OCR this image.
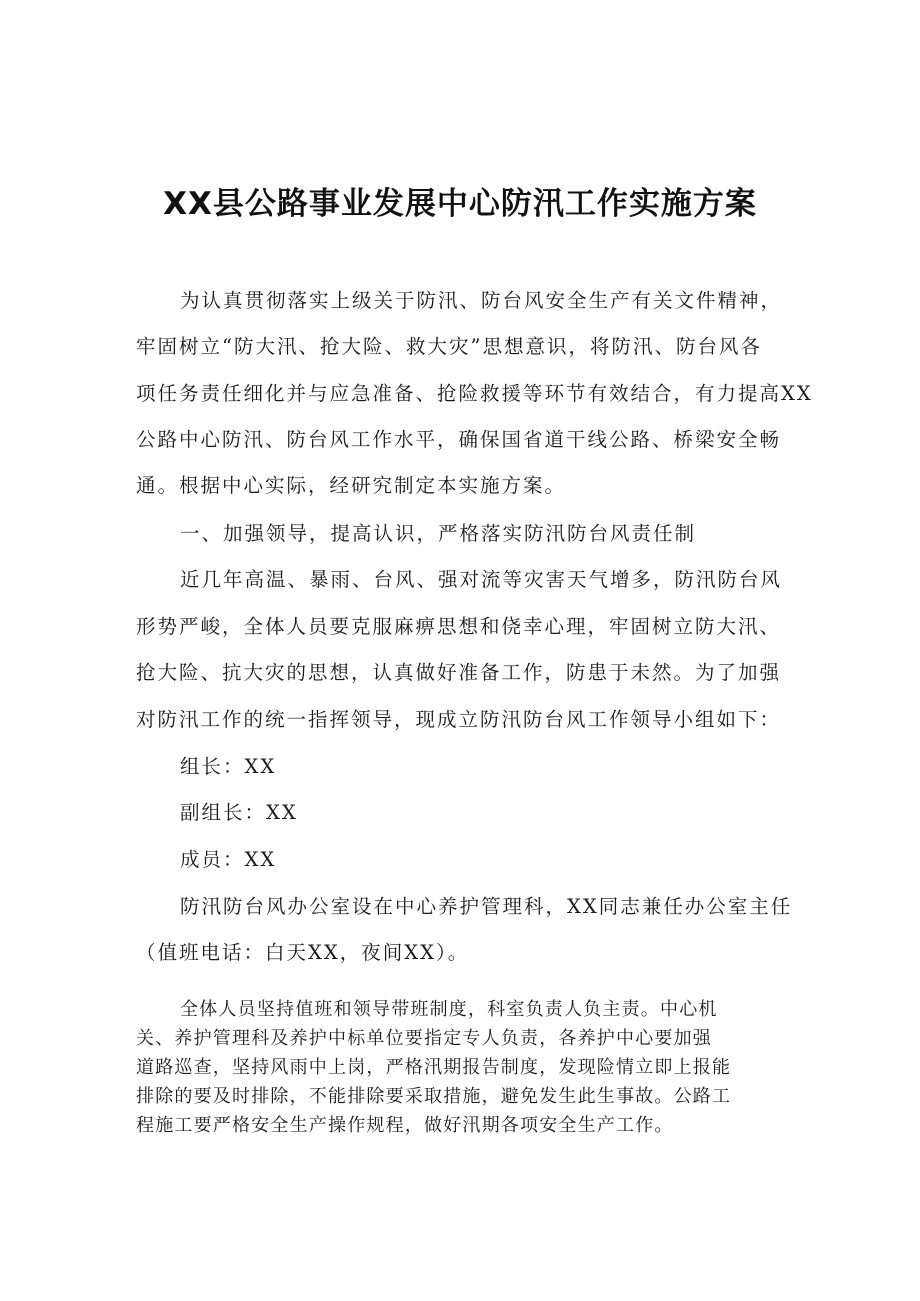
XX县公路事业发展中心防汛工作实施方案
为认真贯彻落实上级关于防汛、防台风安全生产有关文件精神，
牢固树立“防大汛、抢大险、救大灾”思想意识，将防汛、防台风各
项任务责任细化并与应急准备、抢险救援等环节有效结合，有力提高XX
公路中心防汛、防台风工作水平，确保国省道干线公路、桥梁安全畅
通。根据中心实际，经研究制定本实施方案。
一、加强领导，提高认识，严格落实防汛防台风责任制
近几年高温、暴雨、台风、强对流等灾害天气增多，防汛防台风
形势严峻，全体人员要克服麻痹思想和侥幸心理，牢固树立防大汛、
抢大险、抗大灾的思想，认真做好准备工作，防患于未然。为了加强
对防汛工作的统一指挥领导，现成立防汛防台风工作领导小组如下：
组长：XX
副组长：XX
成员：XX
防汛防台风办公室设在中心养护管理科，XX同志兼任办公室主任
（值班电话：白天XX，夜间XX）。
全体人员坚持值班和领导带班制度，科室负责人负主责。中心机
关、养护管理科及养护中标单位要指定专人负责，各养护中心要加强
道路巡查，坚持风雨中上岗，严格汛期报告制度，发现险情立即上报能
排除的要及时排除，不能排除要采取措施，避免发生此生事故。公路工
程施工要严格安全生产操作规程，做好汛期各项安全生产工作。
